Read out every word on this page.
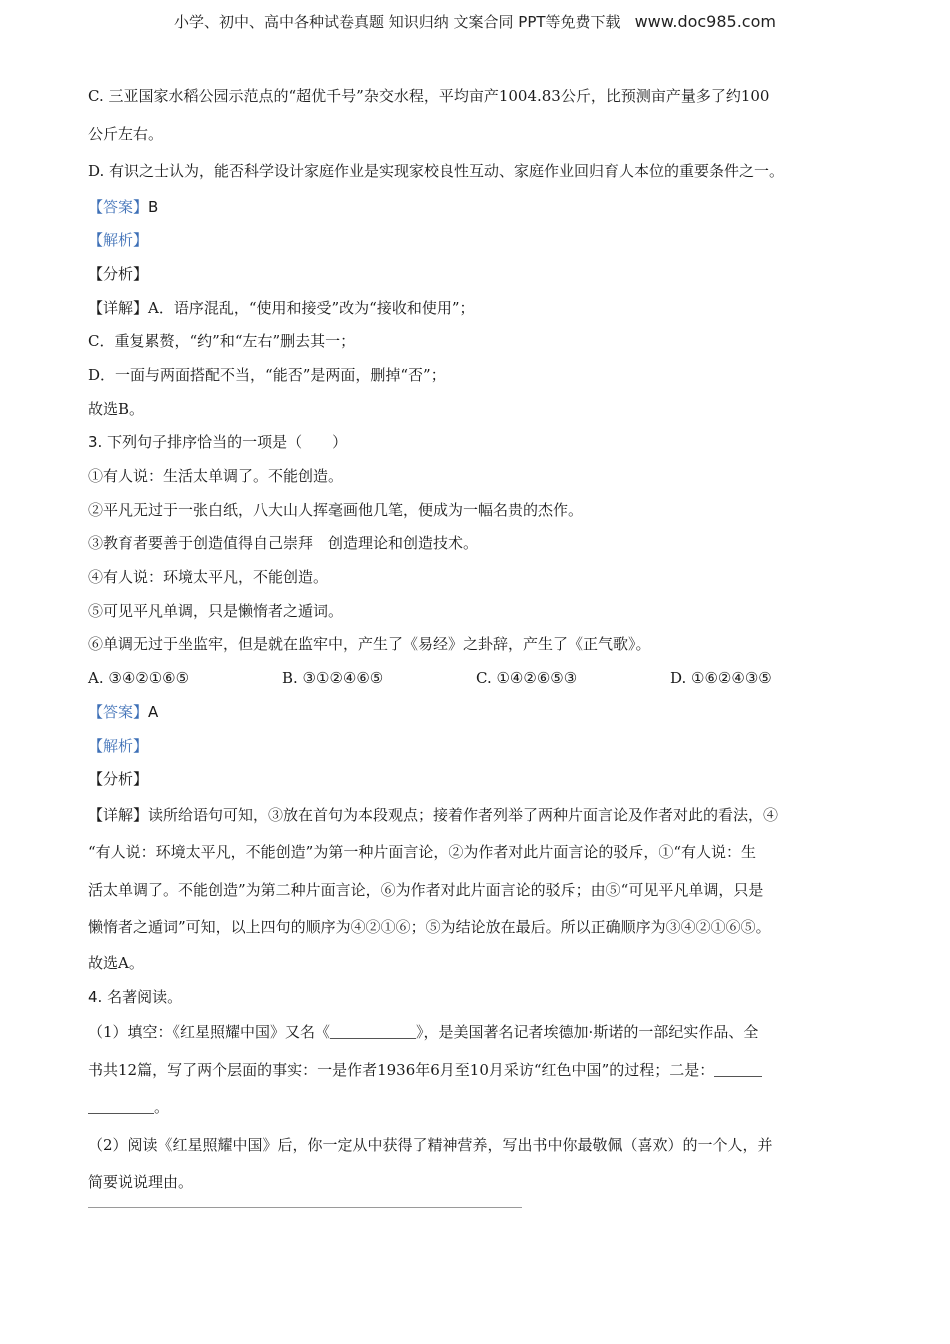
小学、初中、高中各种试卷真题 知识归纳 文案合同 PPT等免费下载 www.doc985.com
C. 三亚国家水稻公园示范点的“超优千号”杂交水程，平均亩产1004.83公斤，比预测亩产量多了约100
公斤左右。
D. 有识之士认为，能否科学设计家庭作业是实现家校良性互动、家庭作业回归育人本位的重要条件之一。
【答案】B
【解析】
【分析】
【详解】A．语序混乱，“使用和接受”改为“接收和使用”；
C．重复累赘，“约”和“左右”删去其一；
D．一面与两面搭配不当，“能否”是两面，删掉“否”；
故选B。
3. 下列句子排序恰当的一项是（　　）
①有人说：生活太单调了。不能创造。
②平凡无过于一张白纸，八大山人挥毫画他几笔，便成为一幅名贵的杰作。
③教育者要善于创造值得自己崇拜　创造理论和创造技术。
④有人说：环境太平凡，不能创造。
⑤可见平凡单调，只是懒惰者之遁词。
⑥单调无过于坐监牢，但是就在监牢中，产生了《易经》之卦辞，产生了《正气歌》。
A. ③④②①⑥⑤	B. ③①②④⑥⑤	C. ①④②⑥⑤③	D. ①⑥②④③⑤
【答案】A
【解析】
【分析】
【详解】读所给语句可知，③放在首句为本段观点；接着作者列举了两种片面言论及作者对此的看法，④
“有人说：环境太平凡，不能创造”为第一种片面言论，②为作者对此片面言论的驳斥，①“有人说：生
活太单调了。不能创造”为第二种片面言论，⑥为作者对此片面言论的驳斥；由⑤“可见平凡单调，只是
懒惰者之遁词”可知，以上四句的顺序为④②①⑥；⑤为结论放在最后。所以正确顺序为③④②①⑥⑤。
故选A。
4. 名著阅读。
（1）填空：《红星照耀中国》又名《	》，是美国著名记者埃德加·斯诺的一部纪实作品、全
书共12篇，写了两个层面的事实：一是作者1936年6月至10月采访“红色中国”的过程；二是：
。
（2）阅读《红星照耀中国》后，你一定从中获得了精神营养，写出书中你最敬佩（喜欢）的一个人，并
简要说说理由。
